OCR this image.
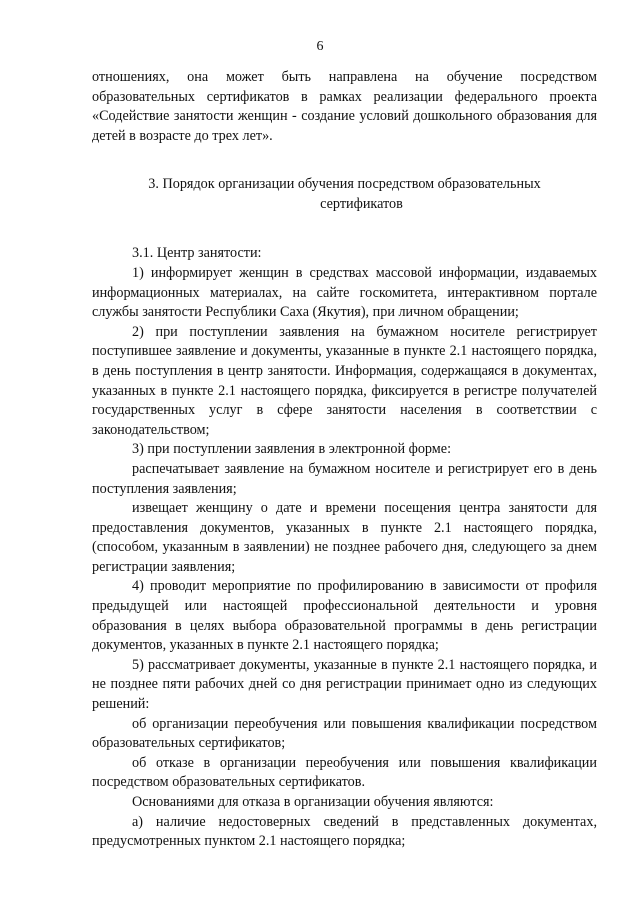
6

отношениях, она может быть направлена на обучение посредством образовательных сертификатов в рамках реализации федерального проекта «Содействие занятости женщин - создание условий дошкольного образования для детей в возрасте до трех лет».

3. Порядок организации обучения посредством образовательных
сертификатов

3.1. Центр занятости:

1) информирует женщин в средствах массовой информации, издаваемых информационных материалах, на сайте госкомитета, интерактивном портале службы занятости Республики Саха (Якутия), при личном обращении;

2) при поступлении заявления на бумажном носителе регистрирует поступившее заявление и документы, указанные в пункте 2.1 настоящего порядка, в день поступления в центр занятости. Информация, содержащаяся в документах, указанных в пункте 2.1 настоящего порядка, фиксируется в регистре получателей государственных услуг в сфере занятости населения в соответствии с законодательством;

3) при поступлении заявления в электронной форме:

распечатывает заявление на бумажном носителе и регистрирует его в день поступления заявления;

извещает женщину о дате и времени посещения центра занятости для предоставления документов, указанных в пункте 2.1 настоящего порядка, (способом, указанным в заявлении) не позднее рабочего дня, следующего за днем регистрации заявления;

4) проводит мероприятие по профилированию в зависимости от профиля предыдущей или настоящей профессиональной деятельности и уровня образования в целях выбора образовательной программы в день регистрации документов, указанных в пункте 2.1 настоящего порядка;

5) рассматривает документы, указанные в пункте 2.1 настоящего порядка, и не позднее пяти рабочих дней со дня регистрации принимает одно из следующих решений:

об организации переобучения или повышения квалификации посредством образовательных сертификатов;

об отказе в организации переобучения или повышения квалификации посредством образовательных сертификатов.

Основаниями для отказа в организации обучения являются:

а) наличие недостоверных сведений в представленных документах, предусмотренных пунктом 2.1 настоящего порядка;
